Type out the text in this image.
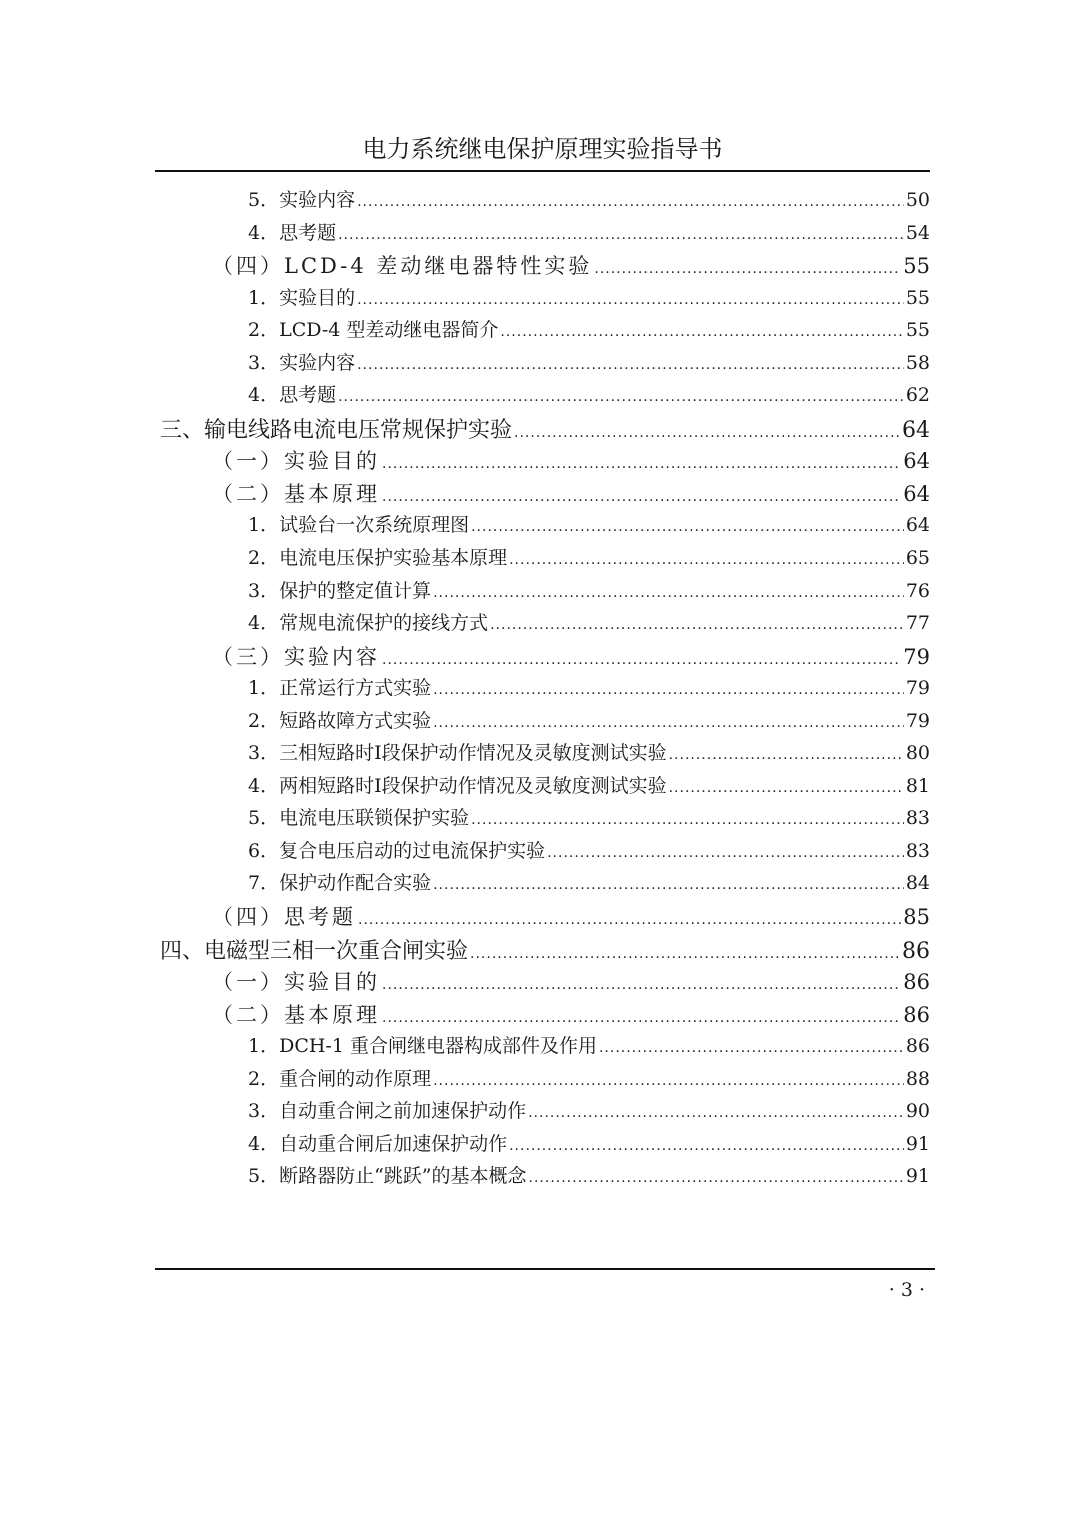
电力系统继电保护原理实验指导书
5．实验内容 .....	50
4．思考题 .....	54
（四）LCD-4 差动继电器特性实验 .....	55
1．实验目的 .....	55
2．LCD-4 型差动继电器简介 .....	55
3．实验内容 .....	58
4．思考题 .....	62
三、输电线路电流电压常规保护实验 .....	64
（一）实验目的 .....	64
（二）基本原理 .....	64
1．试验台一次系统原理图 .....	64
2．电流电压保护实验基本原理 .....	65
3．保护的整定值计算 .....	76
4．常规电流保护的接线方式 .....	77
（三）实验内容 .....	79
1．正常运行方式实验 .....	79
2．短路故障方式实验 .....	79
3．三相短路时Ⅰ段保护动作情况及灵敏度测试实验 .....	80
4．两相短路时Ⅰ段保护动作情况及灵敏度测试实验 .....	81
5．电流电压联锁保护实验 .....	83
6．复合电压启动的过电流保护实验 .....	83
7．保护动作配合实验 .....	84
（四）思考题 .....	85
四、电磁型三相一次重合闸实验 .....	86
（一）实验目的 .....	86
（二）基本原理 .....	86
1．DCH-1 重合闸继电器构成部件及作用 .....	86
2．重合闸的动作原理 .....	88
3．自动重合闸之前加速保护动作 .....	90
4．自动重合闸后加速保护动作 .....	91
5．断路器防止“跳跃”的基本概念 .....	91
· 3 ·
